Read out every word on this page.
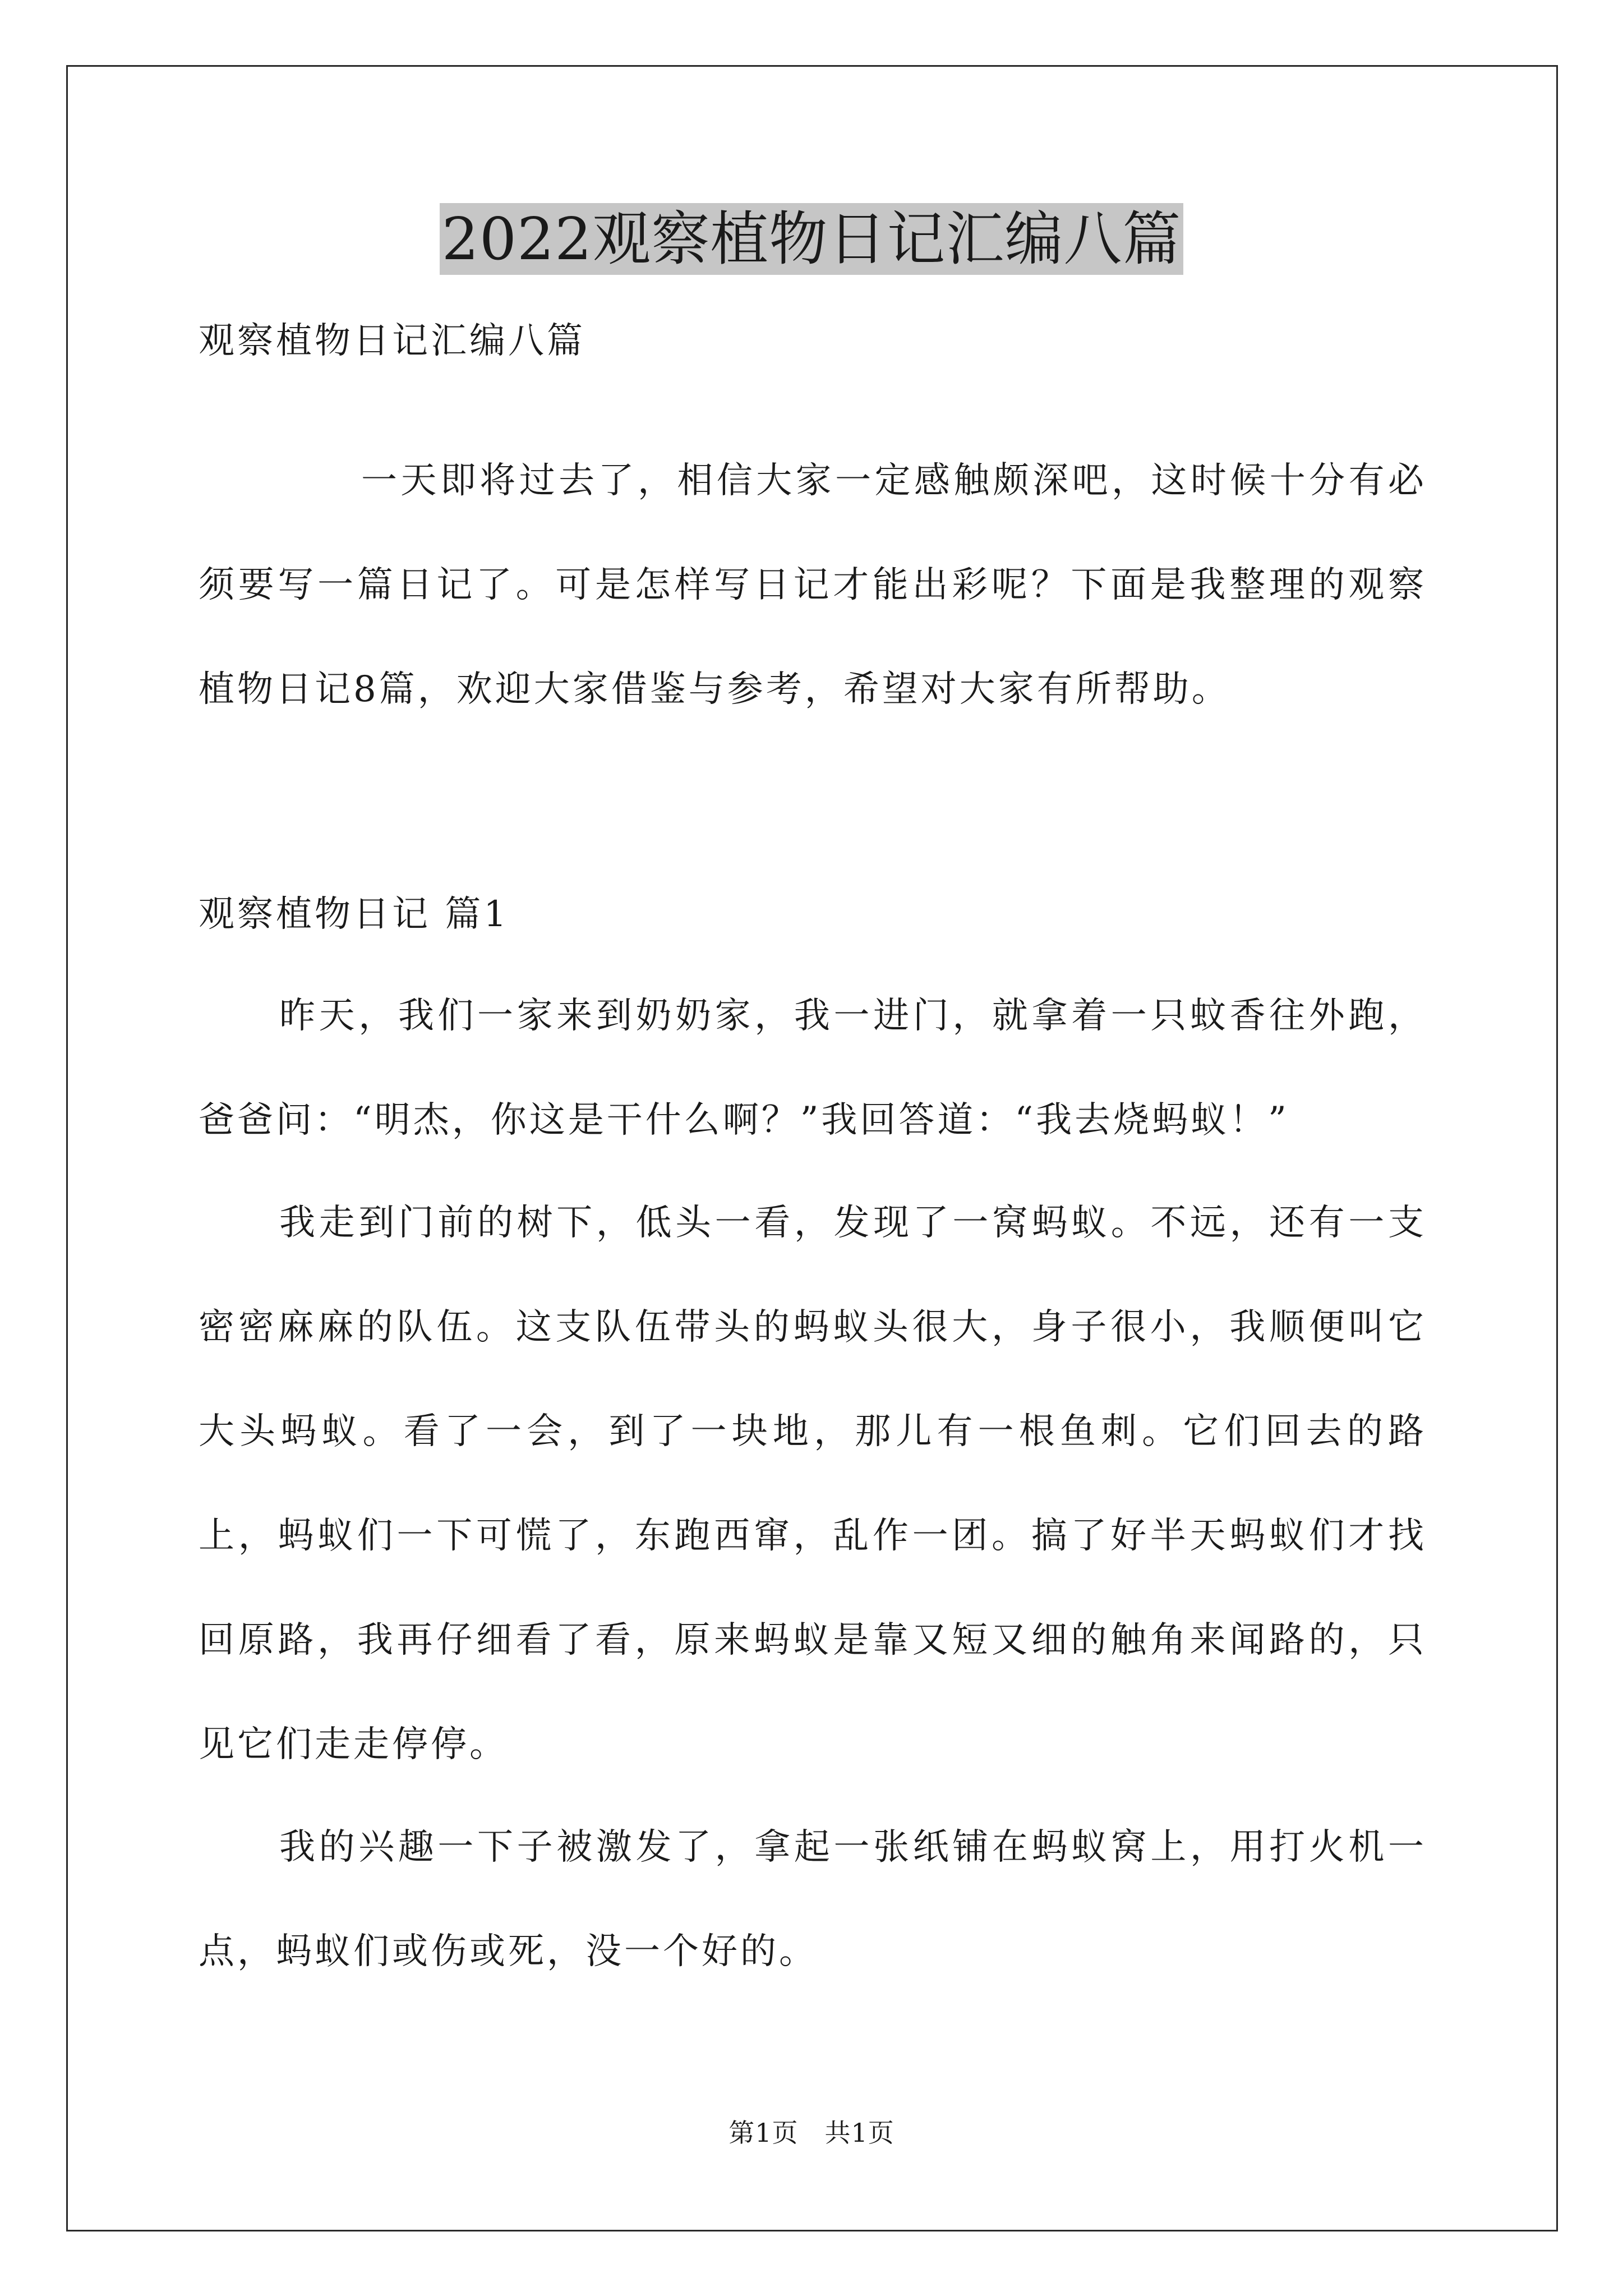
2022观察植物日记汇编八篇

观察植物日记汇编八篇

一天即将过去了，相信大家一定感触颇深吧，这时候十分有必须要写一篇日记了。可是怎样写日记才能出彩呢？下面是我整理的观察植物日记8篇，欢迎大家借鉴与参考，希望对大家有所帮助。

观察植物日记 篇1

昨天，我们一家来到奶奶家，我一进门，就拿着一只蚊香往外跑，爸爸问：“明杰，你这是干什么啊？”我回答道：“我去烧蚂蚁！”

我走到门前的树下，低头一看，发现了一窝蚂蚁。不远，还有一支密密麻麻的队伍。这支队伍带头的蚂蚁头很大，身子很小，我顺便叫它大头蚂蚁。看了一会，到了一块地，那儿有一根鱼刺。它们回去的路上，蚂蚁们一下可慌了，东跑西窜，乱作一团。搞了好半天蚂蚁们才找回原路，我再仔细看了看，原来蚂蚁是靠又短又细的触角来闻路的，只见它们走走停停。

我的兴趣一下子被激发了，拿起一张纸铺在蚂蚁窝上，用打火机一点，蚂蚁们或伤或死，没一个好的。

第1页　共1页
